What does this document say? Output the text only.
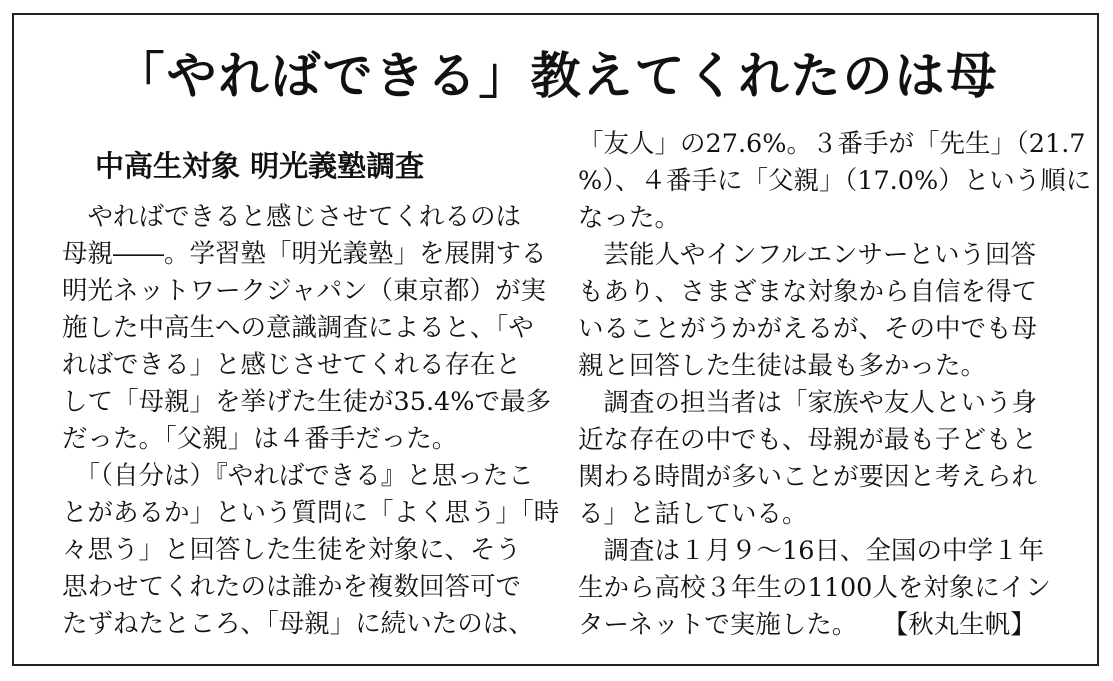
「やればできる」教えてくれたのは母
中高生対象 明光義塾調査
　やればできると感じさせてくれるのは
母親――。学習塾「明光義塾」を展開する
明光ネットワークジャパン（東京都）が実
施した中高生への意識調査によると、「や
ればできる」と感じさせてくれる存在と
して「母親」を挙げた生徒が35.4%で最多
だった。「父親」は４番手だった。
　「（自分は）『やればできる』と思ったこ
とがあるか」という質問に「よく思う」「時
々思う」と回答した生徒を対象に、そう
思わせてくれたのは誰かを複数回答可で
たずねたところ、「母親」に続いたのは、
「友人」の27.6%。３番手が「先生」（21.7
%）、４番手に「父親」（17.0%）という順に
なった。
　芸能人やインフルエンサーという回答
もあり、さまざまな対象から自信を得て
いることがうかがえるが、その中でも母
親と回答した生徒は最も多かった。
　調査の担当者は「家族や友人という身
近な存在の中でも、母親が最も子どもと
関わる時間が多いことが要因と考えられ
る」と話している。
　調査は１月９～16日、全国の中学１年
生から高校３年生の1100人を対象にイン
ターネットで実施した。　　【秋丸生帆】
